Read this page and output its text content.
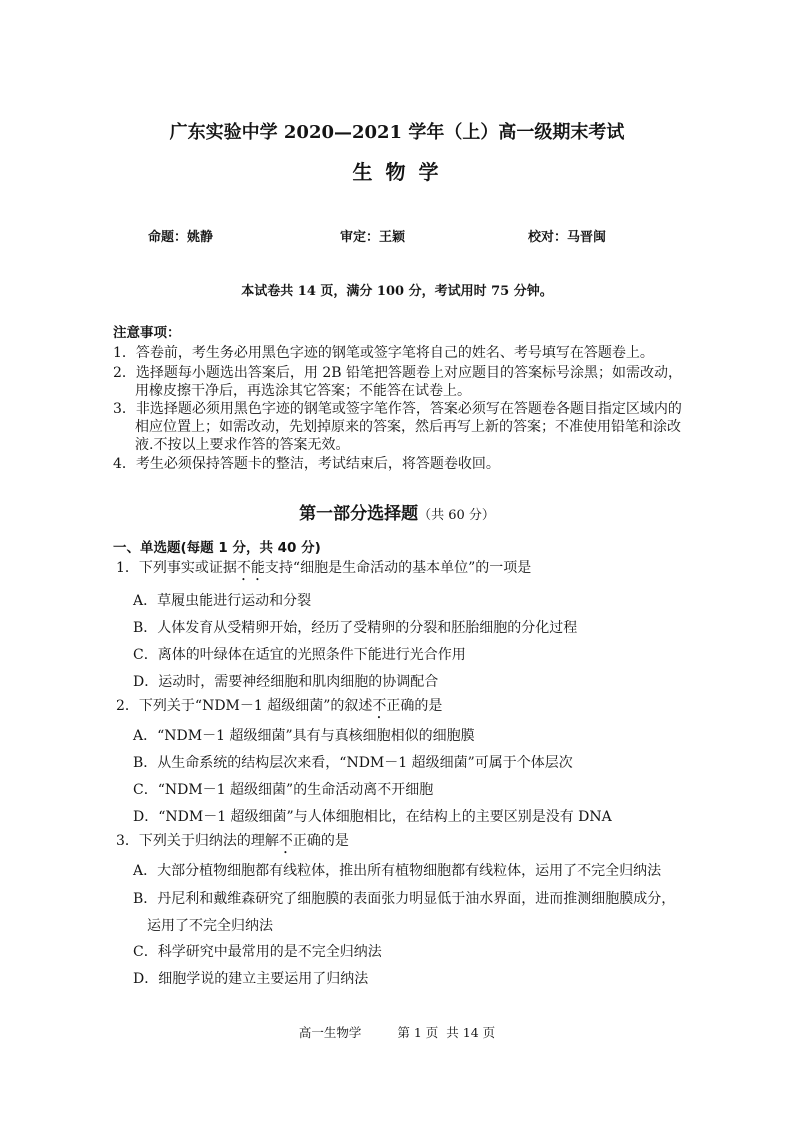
广东实验中学 2020—2021 学年（上）高一级期末考试
生 物 学
命题：姚静	审定：王颖	校对：马晋闽
本试卷共 14 页，满分 100 分，考试用时 75 分钟。
注意事项：
1．答卷前，考生务必用黑色字迹的钢笔或签字笔将自己的姓名、考号填写在答题卷上。
2．选择题每小题选出答案后，用 2B 铅笔把答题卷上对应题目的答案标号涂黑；如需改动，
用橡皮擦干净后，再选涂其它答案；不能答在试卷上。
3．非选择题必须用黑色字迹的钢笔或签字笔作答，答案必须写在答题卷各题目指定区域内的
相应位置上；如需改动，先划掉原来的答案，然后再写上新的答案；不准使用铅笔和涂改
液.不按以上要求作答的答案无效。
4．考生必须保持答题卡的整洁，考试结束后，将答题卷收回。
第一部分选择题（共 60 分）
一、单选题(每题 1 分，共 40 分)
1．下列事实或证据不能支持“细胞是生命活动的基本单位”的一项是
A．草履虫能进行运动和分裂
B．人体发育从受精卵开始，经历了受精卵的分裂和胚胎细胞的分化过程
C．离体的叶绿体在适宜的光照条件下能进行光合作用
D．运动时，需要神经细胞和肌肉细胞的协调配合
2．下列关于“NDM－1 超级细菌”的叙述不正确的是
A．“NDM－1 超级细菌”具有与真核细胞相似的细胞膜
B．从生命系统的结构层次来看，“NDM－1 超级细菌”可属于个体层次
C．“NDM－1 超级细菌”的生命活动离不开细胞
D．“NDM－1 超级细菌”与人体细胞相比，在结构上的主要区别是没有 DNA
3．下列关于归纳法的理解不正确的是
A．大部分植物细胞都有线粒体，推出所有植物细胞都有线粒体，运用了不完全归纳法
B．丹尼利和戴维森研究了细胞膜的表面张力明显低于油水界面，进而推测细胞膜成分，
运用了不完全归纳法
C．科学研究中最常用的是不完全归纳法
D．细胞学说的建立主要运用了归纳法
高一生物学	第 1 页 共 14 页
